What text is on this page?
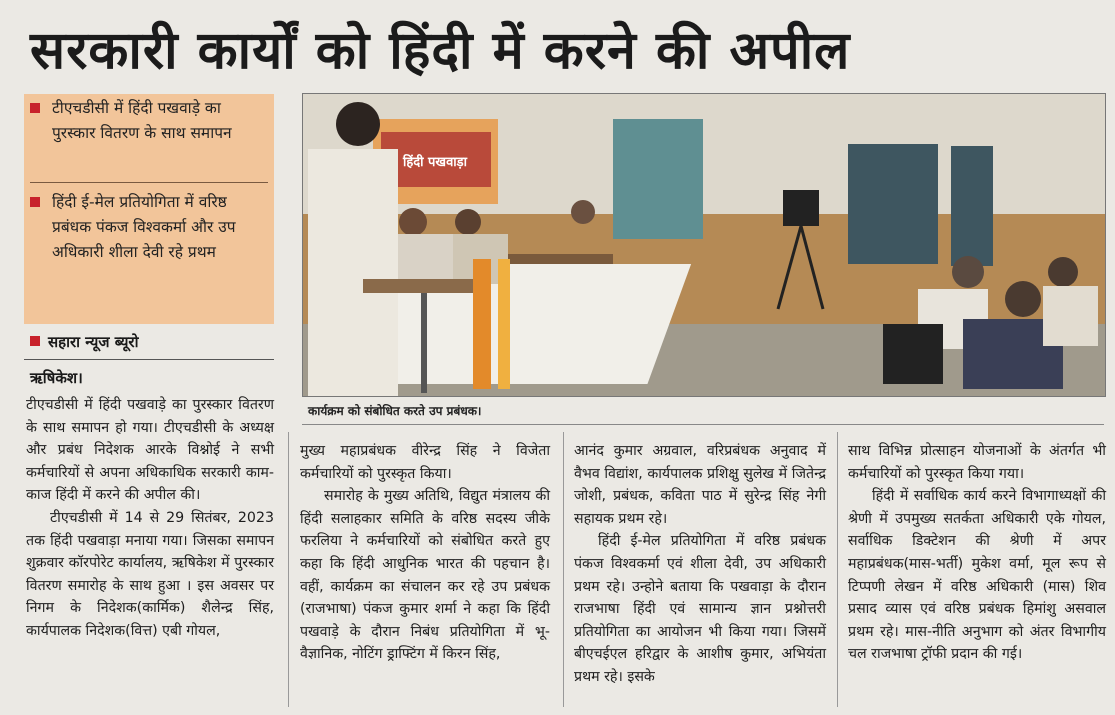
सरकारी कार्यों को हिंदी में करने की अपील
टीएचडीसी में हिंदी पखवाड़े का पुरस्कार वितरण के साथ समापन
हिंदी ई-मेल प्रतियोगिता में वरिष्ठ प्रबंधक पंकज विश्वकर्मा और उप अधिकारी शीला देवी रहे प्रथम
सहारा न्यूज ब्यूरो
ऋषिकेश।
हिंदी पखवाड़ा
कार्यक्रम को संबोधित करते उप प्रबंधक।

टीएचडीसी में हिंदी पखवाड़े का पुरस्कार वितरण के साथ समापन हो गया। टीएचडीसी के अध्यक्ष और प्रबंध निदेशक आरके विश्नोई ने सभी कर्मचारियों से अपना अधिकाधिक सरकारी काम-काज हिंदी में करने की अपील की।

टीएचडीसी में 14 से 29 सितंबर, 2023 तक हिंदी पखवाड़ा मनाया गया। जिसका समापन शुक्रवार कॉरपोरेट कार्यालय, ऋषिकेश में पुरस्कार वितरण समारोह के साथ हुआ । इस अवसर पर निगम के निदेशक(कार्मिक) शैलेन्द्र सिंह, कार्यपालक निदेशक(वित्त) एबी गोयल,

मुख्य महाप्रबंधक वीरेन्द्र सिंह ने विजेता कर्मचारियों को पुरस्कृत किया।

समारोह के मुख्य अतिथि, विद्युत मंत्रालय की हिंदी सलाहकार समिति के वरिष्ठ सदस्य जीके फरलिया ने कर्मचारियों को संबोधित करते हुए कहा कि हिंदी आधुनिक भारत की पहचान है। वहीं, कार्यक्रम का संचालन कर रहे उप प्रबंधक (राजभाषा) पंकज कुमार शर्मा ने कहा कि हिंदी पखवाड़े के दौरान निबंध प्रतियोगिता में भू-वैज्ञानिक, नोटिंग ड्राफ्टिंग में किरन सिंह,

आनंद कुमार अग्रवाल, वरिप्रबंधक अनुवाद में वैभव विद्यांश, कार्यपालक प्रशिक्षु सुलेख में जितेन्द्र जोशी, प्रबंधक, कविता पाठ में सुरेन्द्र सिंह नेगी सहायक प्रथम रहे।

हिंदी ई-मेल प्रतियोगिता में वरिष्ठ प्रबंधक पंकज विश्वकर्मा एवं शीला देवी, उप अधिकारी प्रथम रहे। उन्होने बताया कि पखवाड़ा के दौरान राजभाषा हिंदी एवं सामान्य ज्ञान प्रश्नोत्तरी प्रतियोगिता का आयोजन भी किया गया। जिसमें बीएचईएल हरिद्वार के आशीष कुमार, अभियंता प्रथम रहे। इसके

साथ विभिन्न प्रोत्साहन योजनाओं के अंतर्गत भी कर्मचारियों को पुरस्कृत किया गया।

हिंदी में सर्वाधिक कार्य करने विभागाध्यक्षों की श्रेणी में उपमुख्य सतर्कता अधिकारी एके गोयल, सर्वाधिक डिक्टेशन की श्रेणी में अपर महाप्रबंधक(मास-भर्ती) मुकेश वर्मा, मूल रूप से टिप्पणी लेखन में वरिष्ठ अधिकारी (मास) शिव प्रसाद व्यास एवं वरिष्ठ प्रबंधक हिमांशु असवाल प्रथम रहे। मास-नीति अनुभाग को अंतर विभागीय चल राजभाषा ट्रॉफी प्रदान की गई।
